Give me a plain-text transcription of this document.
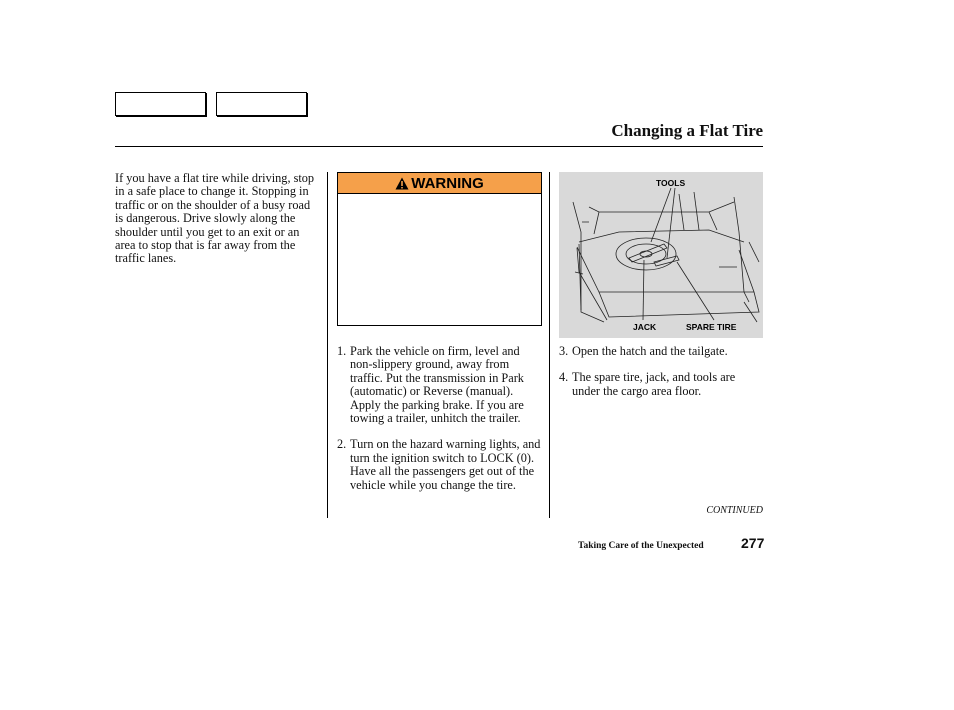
Changing a Flat Tire
If you have a flat tire while driving, stop in a safe place to change it. Stopping in traffic or on the shoulder of a busy road is dangerous. Drive slowly along the shoulder until you get to an exit or an area to stop that is far away from the traffic lanes.
WARNING
1. Park the vehicle on firm, level and non-slippery ground, away from traffic. Put the transmission in Park (automatic) or Reverse (manual). Apply the parking brake. If you are towing a trailer, unhitch the trailer.
2. Turn on the hazard warning lights, and turn the ignition switch to LOCK (0). Have all the passengers get out of the vehicle while you change the tire.
TOOLS
JACK	SPARE TIRE
3. Open the hatch and the tailgate.
4. The spare tire, jack, and tools are under the cargo area floor.
CONTINUED
Taking Care of the Unexpected	277
